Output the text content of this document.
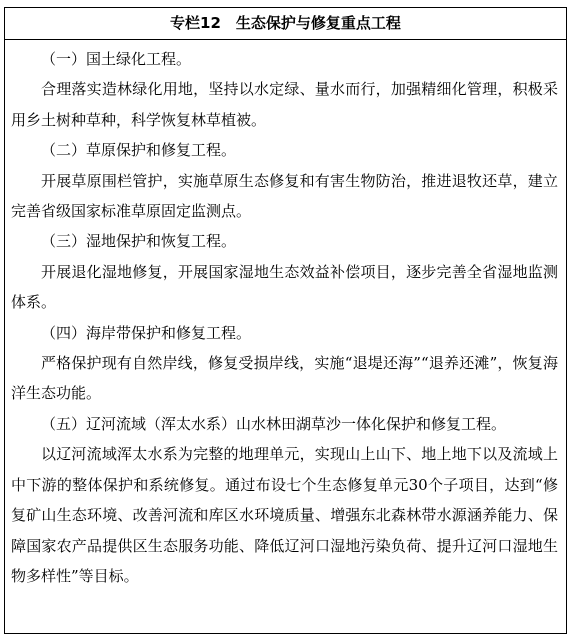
专栏12　生态保护与修复重点工程

（一）国土绿化工程。

合理落实造林绿化用地，坚持以水定绿、量水而行，加强精细化管理，积极采用乡土树种草种，科学恢复林草植被。

（二）草原保护和修复工程。

开展草原围栏管护，实施草原生态修复和有害生物防治，推进退牧还草，建立完善省级国家标准草原固定监测点。

（三）湿地保护和恢复工程。

开展退化湿地修复，开展国家湿地生态效益补偿项目，逐步完善全省湿地监测体系。

（四）海岸带保护和修复工程。

严格保护现有自然岸线，修复受损岸线，实施“退堤还海”“退养还滩”，恢复海洋生态功能。

（五）辽河流域（浑太水系）山水林田湖草沙一体化保护和修复工程。

以辽河流域浑太水系为完整的地理单元，实现山上山下、地上地下以及流域上中下游的整体保护和系统修复。通过布设七个生态修复单元30个子项目，达到“修复矿山生态环境、改善河流和库区水环境质量、增强东北森林带水源涵养能力、保障国家农产品提供区生态服务功能、降低辽河口湿地污染负荷、提升辽河口湿地生物多样性”等目标。
